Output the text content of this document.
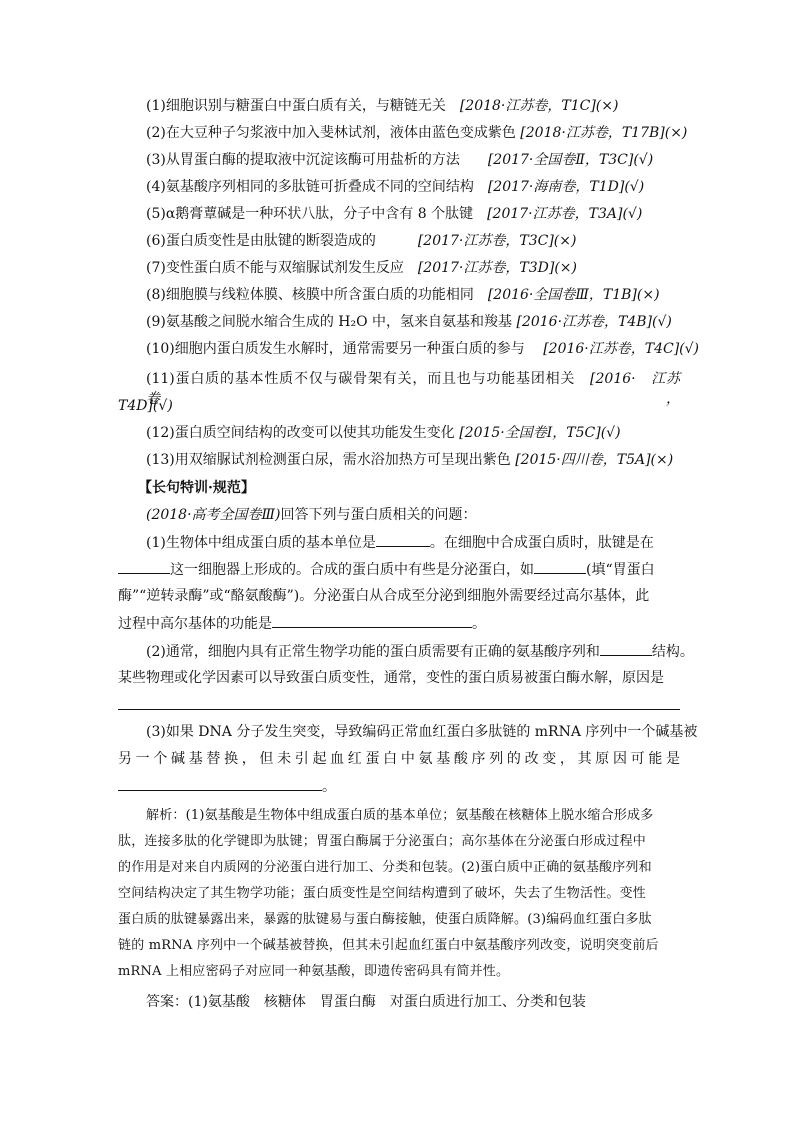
(1)细胞识别与糖蛋白中蛋白质有关，与糖链无关　 [2018·江苏卷，T1C](×)
(2)在大豆种子匀浆液中加入斐林试剂，液体由蓝色变成紫色 [2018·江苏卷，T17B](×)
(3)从胃蛋白酶的提取液中沉淀该酶可用盐析的方法　　 [2017·全国卷Ⅱ，T3C](√)
(4)氨基酸序列相同的多肽链可折叠成不同的空间结构　 [2017·海南卷，T1D](√)
(5)α鹅膏蕈碱是一种环状八肽，分子中含有 8 个肽键　 [2017·江苏卷，T3A](√)
(6)蛋白质变性是由肽键的断裂造成的　　　	[2017·江苏卷，T3C](×)
(7)变性蛋白质不能与双缩脲试剂发生反应　 [2017·江苏卷，T3D](×)
(8)细胞膜与线粒体膜、核膜中所含蛋白质的功能相同　 [2016·全国卷Ⅲ，T1B](×)
(9)氨基酸之间脱水缩合生成的 H₂O 中，氢来自氨基和羧基 [2016·江苏卷，T4B](√)
(10)细胞内蛋白质发生水解时，通常需要另一种蛋白质的参与　 [2016·江苏卷，T4C](√)
(11)蛋白质的基本性质不仅与碳骨架有关，而且也与功能基团相关　 [2016·　江苏卷，
T4D](√)
(12)蛋白质空间结构的改变可以使其功能发生变化 [2015·全国卷Ⅰ，T5C](√)
(13)用双缩脲试剂检测蛋白尿，需水浴加热方可呈现出紫色 [2015·四川卷，T5A](×)
【长句特训·规范】
(2018·高考全国卷Ⅲ)回答下列与蛋白质相关的问题：
(1)生物体中组成蛋白质的基本单位是	。在细胞中合成蛋白质时，肽键是在
这一细胞器上形成的。合成的蛋白质中有些是分泌蛋白，如	(填“胃蛋白
酶”“逆转录酶”或“酪氨酸酶”)。分泌蛋白从合成至分泌到细胞外需要经过高尔基体，此
过程中高尔基体的功能是	。
(2)通常，细胞内具有正常生物学功能的蛋白质需要有正确的氨基酸序列和	结构。
某些物理或化学因素可以导致蛋白质变性，通常，变性的蛋白质易被蛋白酶水解，原因是
(3)如果 DNA 分子发生突变，导致编码正常血红蛋白多肽链的 mRNA 序列中一个碱基被
另一个碱基替换，但未引起血红蛋白中氨基酸序列的改变，其原因可能是
。
解析：(1)氨基酸是生物体中组成蛋白质的基本单位；氨基酸在核糖体上脱水缩合形成多
肽，连接多肽的化学键即为肽键；胃蛋白酶属于分泌蛋白；高尔基体在分泌蛋白形成过程中
的作用是对来自内质网的分泌蛋白进行加工、分类和包装。(2)蛋白质中正确的氨基酸序列和
空间结构决定了其生物学功能；蛋白质变性是空间结构遭到了破坏，失去了生物活性。变性
蛋白质的肽键暴露出来，暴露的肽键易与蛋白酶接触，使蛋白质降解。(3)编码血红蛋白多肽
链的 mRNA 序列中一个碱基被替换，但其未引起血红蛋白中氨基酸序列改变，说明突变前后
mRNA 上相应密码子对应同一种氨基酸，即遗传密码具有简并性。
答案：(1)氨基酸　核糖体　胃蛋白酶　对蛋白质进行加工、分类和包装
